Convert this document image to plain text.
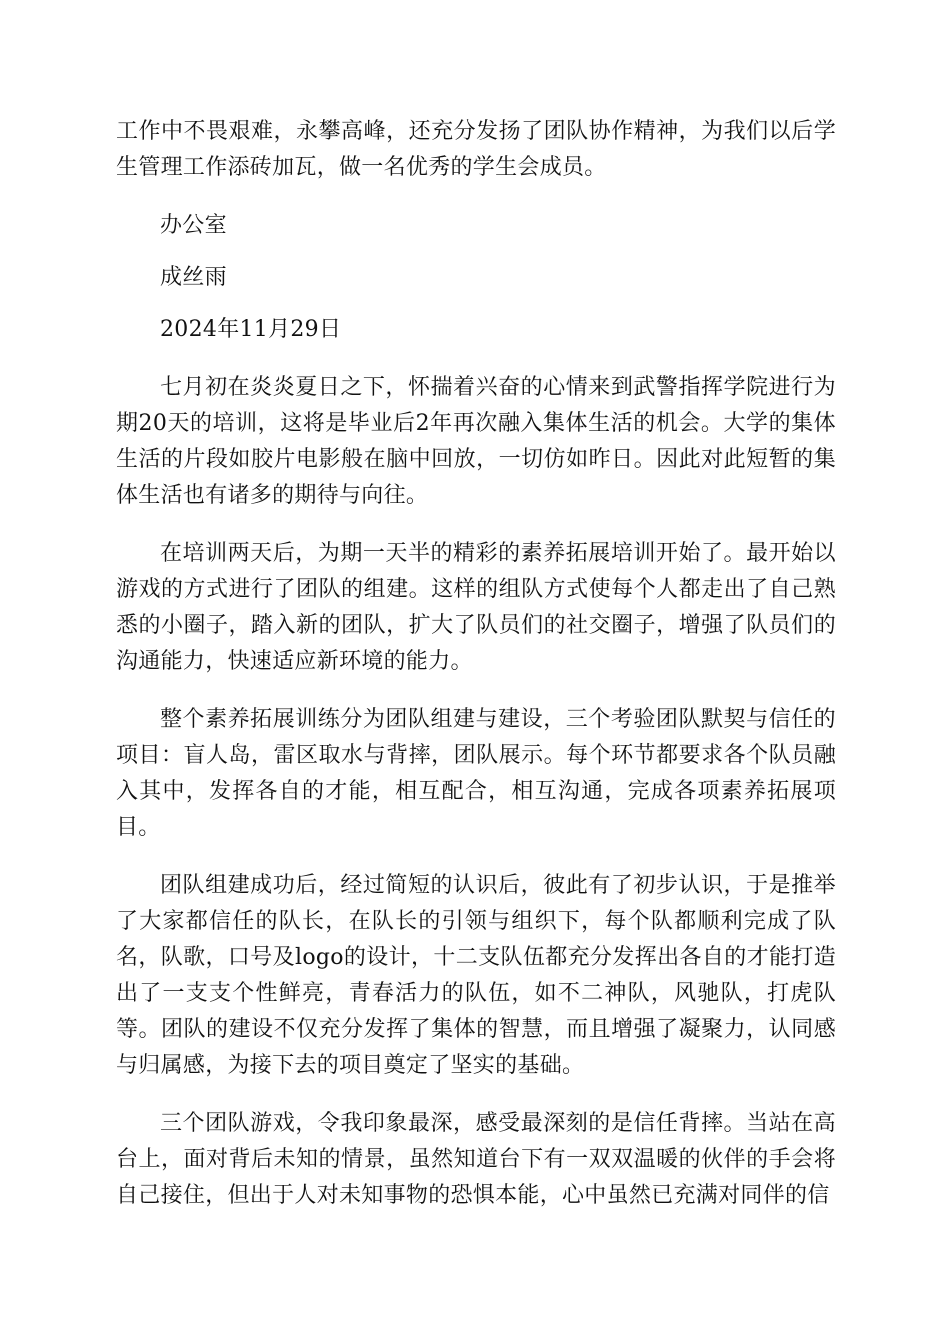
工作中不畏艰难，永攀高峰，还充分发扬了团队协作精神，为我们以后学生管理工作添砖加瓦，做一名优秀的学生会成员。

办公室

成丝雨

2024年11月29日

七月初在炎炎夏日之下，怀揣着兴奋的心情来到武警指挥学院进行为期20天的培训，这将是毕业后2年再次融入集体生活的机会。大学的集体生活的片段如胶片电影般在脑中回放，一切仿如昨日。因此对此短暂的集体生活也有诸多的期待与向往。

在培训两天后，为期一天半的精彩的素养拓展培训开始了。最开始以游戏的方式进行了团队的组建。这样的组队方式使每个人都走出了自己熟悉的小圈子，踏入新的团队，扩大了队员们的社交圈子，增强了队员们的沟通能力，快速适应新环境的能力。

整个素养拓展训练分为团队组建与建设，三个考验团队默契与信任的项目：盲人岛，雷区取水与背摔，团队展示。每个环节都要求各个队员融入其中，发挥各自的才能，相互配合，相互沟通，完成各项素养拓展项目。

团队组建成功后，经过简短的认识后，彼此有了初步认识，于是推举了大家都信任的队长，在队长的引领与组织下，每个队都顺利完成了队名，队歌，口号及logo的设计，十二支队伍都充分发挥出各自的才能打造出了一支支个性鲜亮，青春活力的队伍，如不二神队，风驰队，打虎队等。团队的建设不仅充分发挥了集体的智慧，而且增强了凝聚力，认同感与归属感，为接下去的项目奠定了坚实的基础。

三个团队游戏，令我印象最深，感受最深刻的是信任背摔。当站在高台上，面对背后未知的情景，虽然知道台下有一双双温暖的伙伴的手会将自己接住，但出于人对未知事物的恐惧本能，心中虽然已充满对同伴的信
